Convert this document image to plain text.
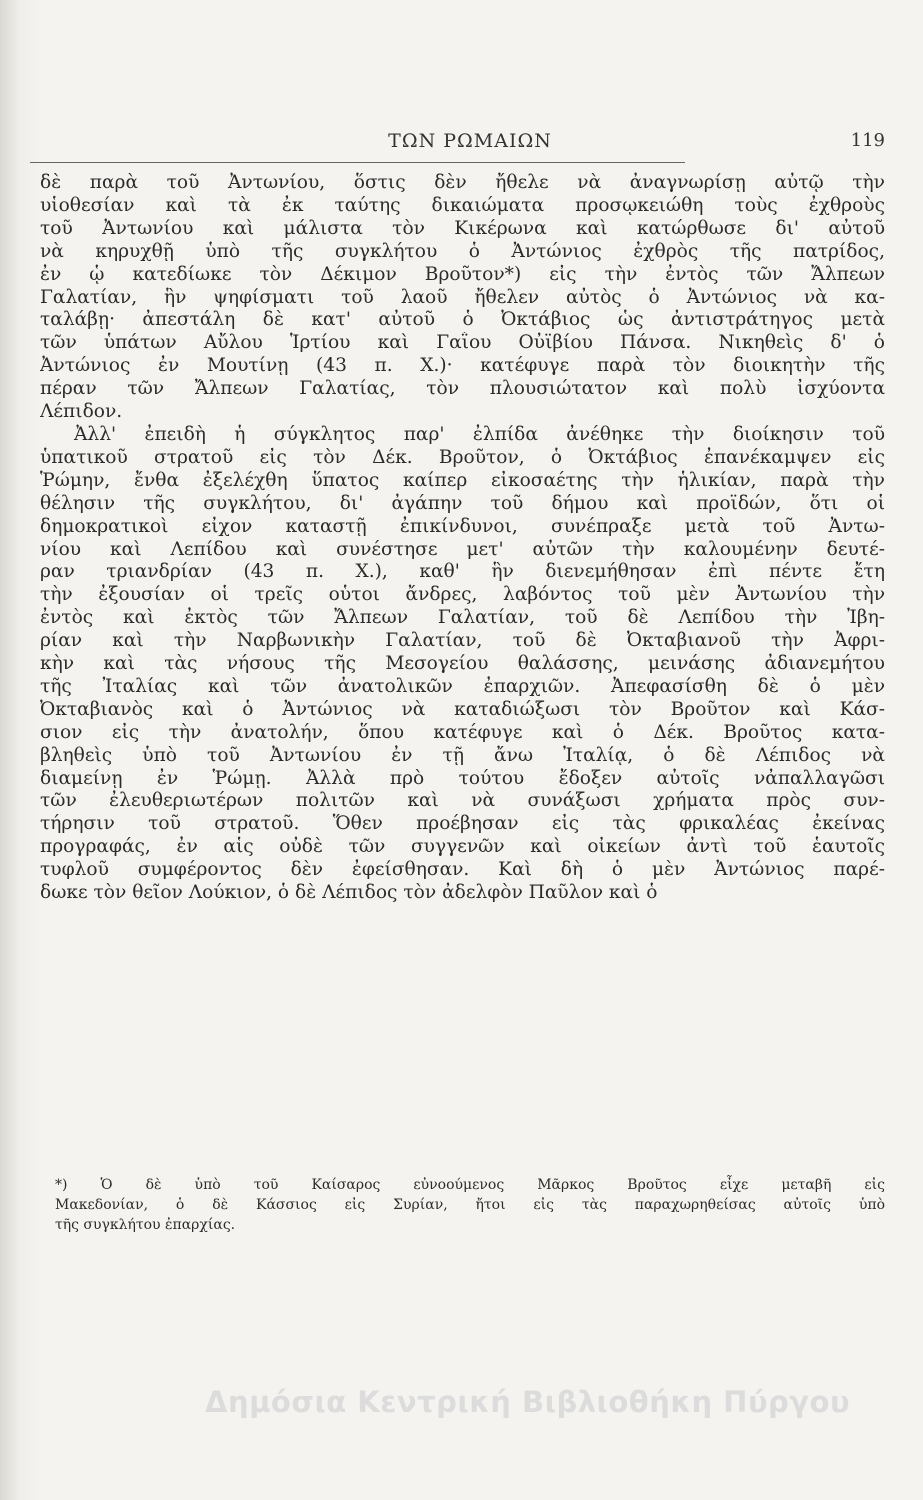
ΤΩΝ ΡΩΜΑΙΩΝ	119
δὲ παρὰ τοῦ Ἀντωνίου, ὅστις δὲν ἤθελε νὰ ἀναγνωρίσῃ αὐτῷ τὴν
υἱοθεσίαν καὶ τὰ ἐκ ταύτης δικαιώματα προσῳκειώθη τοὺς ἐχθροὺς
τοῦ Ἀντωνίου καὶ μάλιστα τὸν Κικέρωνα καὶ κατώρθωσε δι' αὐτοῦ
νὰ κηρυχθῇ ὑπὸ τῆς συγκλήτου ὁ Ἀντώνιος ἐχθρὸς τῆς πατρίδος,
ἐν ᾧ κατεδίωκε τὸν Δέκιμον Βροῦτον*) εἰς τὴν ἐντὸς τῶν Ἄλπεων
Γαλατίαν, ἣν ψηφίσματι τοῦ λαοῦ ἤθελεν αὐτὸς ὁ Ἀντώνιος νὰ κα-
ταλάβῃ· ἀπεστάλη δὲ κατ' αὐτοῦ ὁ Ὀκτάβιος ὡς ἀντιστράτηγος μετὰ
τῶν ὑπάτων Αὔλου Ἱρτίου καὶ Γαΐου Οὐϊβίου Πάνσα. Νικηθεὶς δ' ὁ
Ἀντώνιος ἐν Μουτίνῃ (43 π. Χ.)· κατέφυγε παρὰ τὸν διοικητὴν τῆς
πέραν τῶν Ἄλπεων Γαλατίας, τὸν πλουσιώτατον καὶ πολὺ ἰσχύοντα
Λέπιδον.
Ἀλλ' ἐπειδὴ ἡ σύγκλητος παρ' ἐλπίδα ἀνέθηκε τὴν διοίκησιν τοῦ
ὑπατικοῦ στρατοῦ εἰς τὸν Δέκ. Βροῦτον, ὁ Ὀκτάβιος ἐπανέκαμψεν εἰς
Ῥώμην, ἔνθα ἐξελέχθη ὕπατος καίπερ εἰκοσαέτης τὴν ἡλικίαν, παρὰ τὴν
θέλησιν τῆς συγκλήτου, δι' ἀγάπην τοῦ δήμου καὶ προϊδών, ὅτι οἱ
δημοκρατικοὶ εἶχον καταστῇ ἐπικίνδυνοι, συνέπραξε μετὰ τοῦ Ἀντω-
νίου καὶ Λεπίδου καὶ συνέστησε μετ' αὐτῶν τὴν καλουμένην δευτέ-
ραν τριανδρίαν (43 π. Χ.), καθ' ἣν διενεμήθησαν ἐπὶ πέντε ἔτη
τὴν ἐξουσίαν οἱ τρεῖς οὗτοι ἄνδρες, λαβόντος τοῦ μὲν Ἀντωνίου τὴν
ἐντὸς καὶ ἐκτὸς τῶν Ἄλπεων Γαλατίαν, τοῦ δὲ Λεπίδου τὴν Ἰβη-
ρίαν καὶ τὴν Ναρβωνικὴν Γαλατίαν, τοῦ δὲ Ὀκταβιανοῦ τὴν Ἀφρι-
κὴν καὶ τὰς νήσους τῆς Μεσογείου θαλάσσης, μεινάσης ἀδιανεμήτου
τῆς Ἰταλίας καὶ τῶν ἀνατολικῶν ἐπαρχιῶν. Ἀπεφασίσθη δὲ ὁ μὲν
Ὀκταβιανὸς καὶ ὁ Ἀντώνιος νὰ καταδιώξωσι τὸν Βροῦτον καὶ Κάσ-
σιον εἰς τὴν ἀνατολήν, ὅπου κατέφυγε καὶ ὁ Δέκ. Βροῦτος κατα-
βληθεὶς ὑπὸ τοῦ Ἀντωνίου ἐν τῇ ἄνω Ἰταλίᾳ, ὁ δὲ Λέπιδος νὰ
διαμείνῃ ἐν Ῥώμῃ. Ἀλλὰ πρὸ τούτου ἔδοξεν αὐτοῖς νἀπαλλαγῶσι
τῶν ἐλευθεριωτέρων πολιτῶν καὶ νὰ συνάξωσι χρήματα πρὸς συν-
τήρησιν τοῦ στρατοῦ. Ὅθεν προέβησαν εἰς τὰς φρικαλέας ἐκείνας
προγραφάς, ἐν αἷς οὐδὲ τῶν συγγενῶν καὶ οἰκείων ἀντὶ τοῦ ἑαυτοῖς
τυφλοῦ συμφέροντος δὲν ἐφείσθησαν. Καὶ δὴ ὁ μὲν Ἀντώνιος παρέ-
δωκε τὸν θεῖον Λούκιον, ὁ δὲ Λέπιδος τὸν ἀδελφὸν Παῦλον καὶ ὁ
*) Ὁ δὲ ὑπὸ τοῦ Καίσαρος εὐνοούμενος Μᾶρκος Βροῦτος εἶχε μεταβῆ εἰς
Μακεδονίαν, ὁ δὲ Κάσσιος εἰς Συρίαν, ἤτοι εἰς τὰς παραχωρηθείσας αὐτοῖς ὑπὸ
τῆς συγκλήτου ἐπαρχίας.
Δημόσια Κεντρική Βιβλιοθήκη Πύργου
